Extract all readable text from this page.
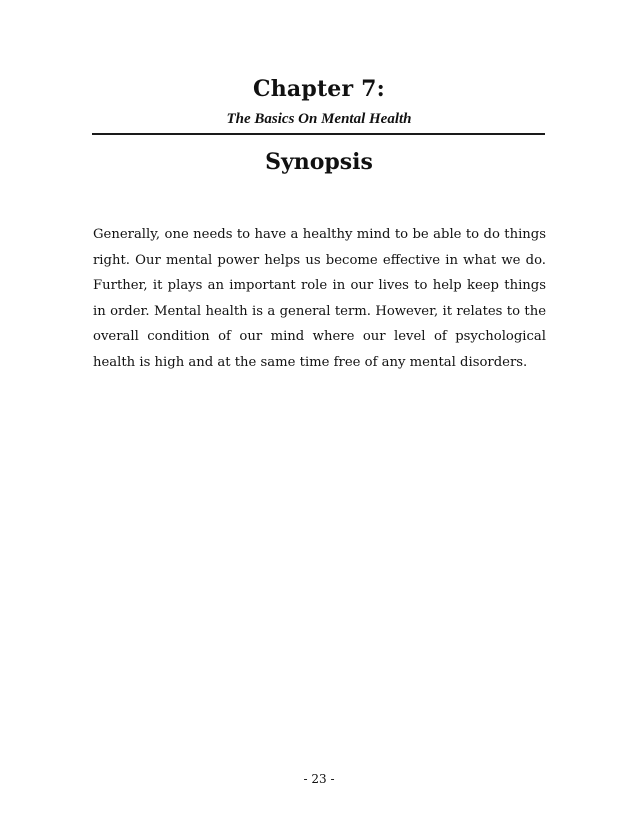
Chapter 7:
The Basics On Mental Health
Synopsis

Generally, one needs to have a healthy mind to be able to do things right. Our mental power helps us become effective in what we do. Further, it plays an important role in our lives to help keep things in order. Mental health is a general term. However, it relates to the overall condition of our mind where our level of psychological health is high and at the same time free of any mental disorders.

- 23 -
